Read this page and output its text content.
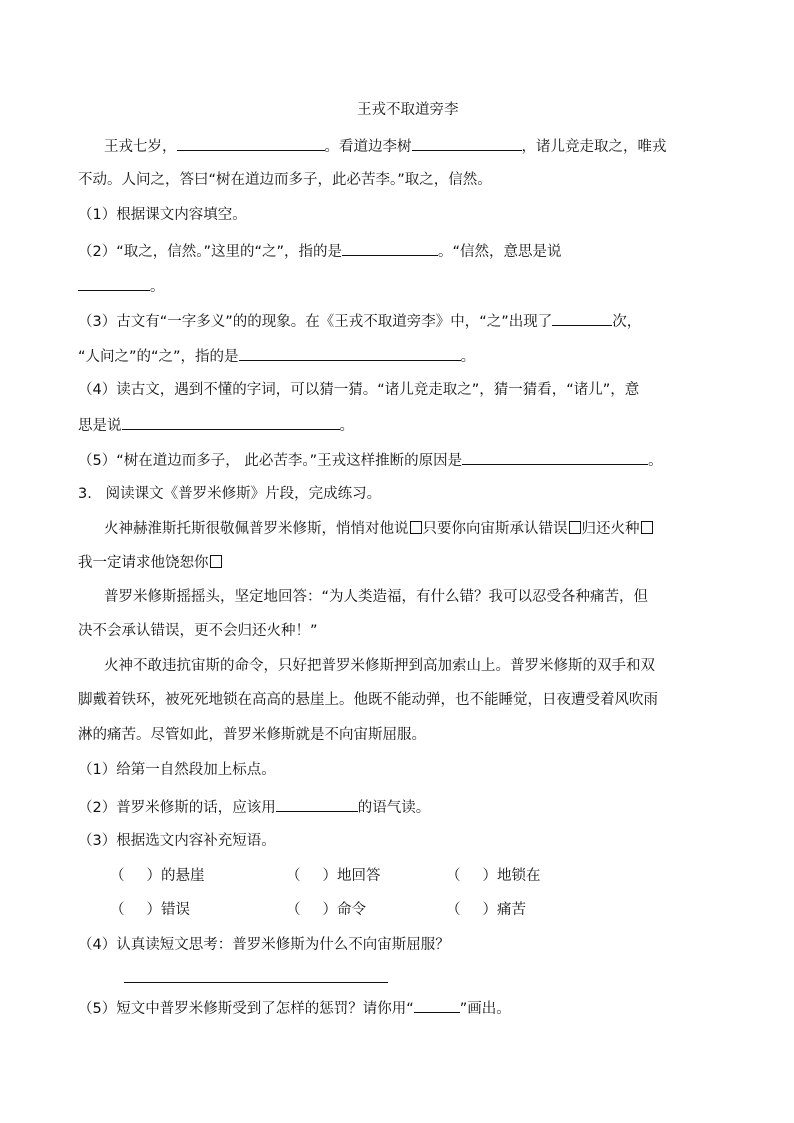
王戎不取道旁李
王戎七岁，	。看道边李树	，诸儿竞走取之，唯戎
不动。人问之，答曰“树在道边而多子，此必苦李。”取之，信然。
（1）根据课文内容填空。
（2）“取之，信然。”这里的“之”，指的是	。“信然，意思是说
。
（3）古文有“一字多义”的的现象。在《王戎不取道旁李》中，“之”出现了	次，
“人问之”的“之”，指的是	。
（4）读古文，遇到不懂的字词，可以猜一猜。“诸儿竞走取之”，猜一猜看，“诸儿”，意
思是说	。
（5）“树在道边而多子， 此必苦李。”王戎这样推断的原因是	。
3.   阅读课文《普罗米修斯》片段，完成练习。
火神赫淮斯托斯很敬佩普罗米修斯，悄悄对他说 只要你向宙斯承认错误 归还火种
我一定请求他饶恕你
普罗米修斯摇摇头，坚定地回答：“为人类造福，有什么错？我可以忍受各种痛苦，但
决不会承认错误，更不会归还火种！”
火神不敢违抗宙斯的命令，只好把普罗米修斯押到高加索山上。普罗米修斯的双手和双
脚戴着铁环，被死死地锁在高高的悬崖上。他既不能动弹，也不能睡觉，日夜遭受着风吹雨
淋的痛苦。尽管如此，普罗米修斯就是不向宙斯屈服。
（1）给第一自然段加上标点。
（2）普罗米修斯的话，应该用	的语气读。
（3）根据选文内容补充短语。
（ ）的悬崖	（ ）地回答	（ ）地锁在
（ ）错误	（ ）命令	（ ）痛苦
（4）认真读短文思考：普罗米修斯为什么不向宙斯屈服？
（5）短文中普罗米修斯受到了怎样的惩罚？请你用“	”画出。
